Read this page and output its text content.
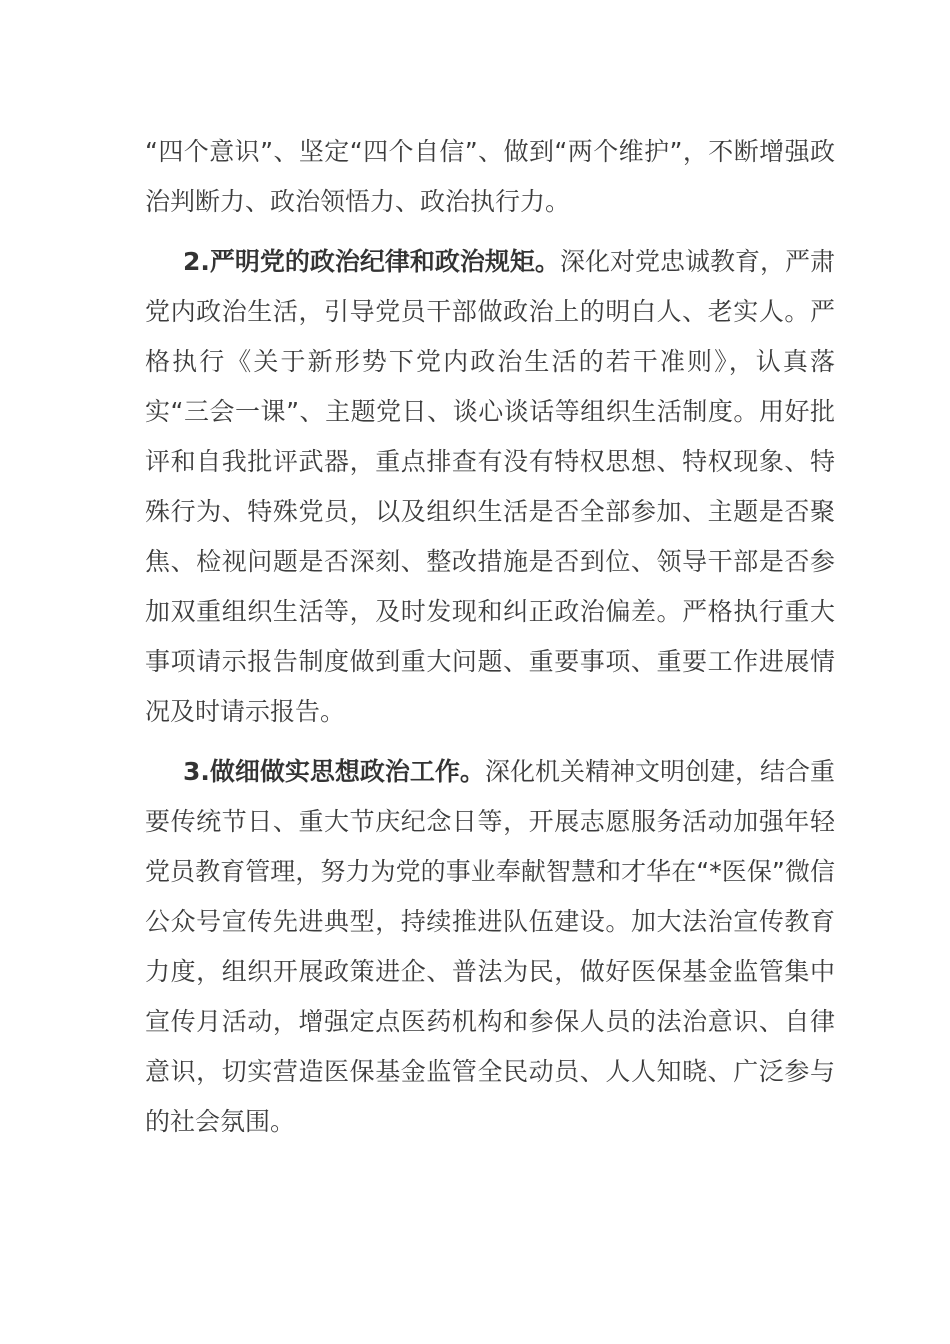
“四个意识”、坚定“四个自信”、做到“两个维护”，不断增强政治判断力、政治领悟力、政治执行力。

2.严明党的政治纪律和政治规矩。深化对党忠诚教育，严肃党内政治生活，引导党员干部做政治上的明白人、老实人。严格执行《关于新形势下党内政治生活的若干准则》，认真落实“三会一课”、主题党日、谈心谈话等组织生活制度。用好批评和自我批评武器，重点排查有没有特权思想、特权现象、特殊行为、特殊党员，以及组织生活是否全部参加、主题是否聚焦、检视问题是否深刻、整改措施是否到位、领导干部是否参加双重组织生活等，及时发现和纠正政治偏差。严格执行重大事项请示报告制度做到重大问题、重要事项、重要工作进展情况及时请示报告。

3.做细做实思想政治工作。深化机关精神文明创建，结合重要传统节日、重大节庆纪念日等，开展志愿服务活动加强年轻党员教育管理，努力为党的事业奉献智慧和才华在“*医保”微信公众号宣传先进典型，持续推进队伍建设。加大法治宣传教育力度，组织开展政策进企、普法为民，做好医保基金监管集中宣传月活动，增强定点医药机构和参保人员的法治意识、自律意识，切实营造医保基金监管全民动员、人人知晓、广泛参与的社会氛围。
